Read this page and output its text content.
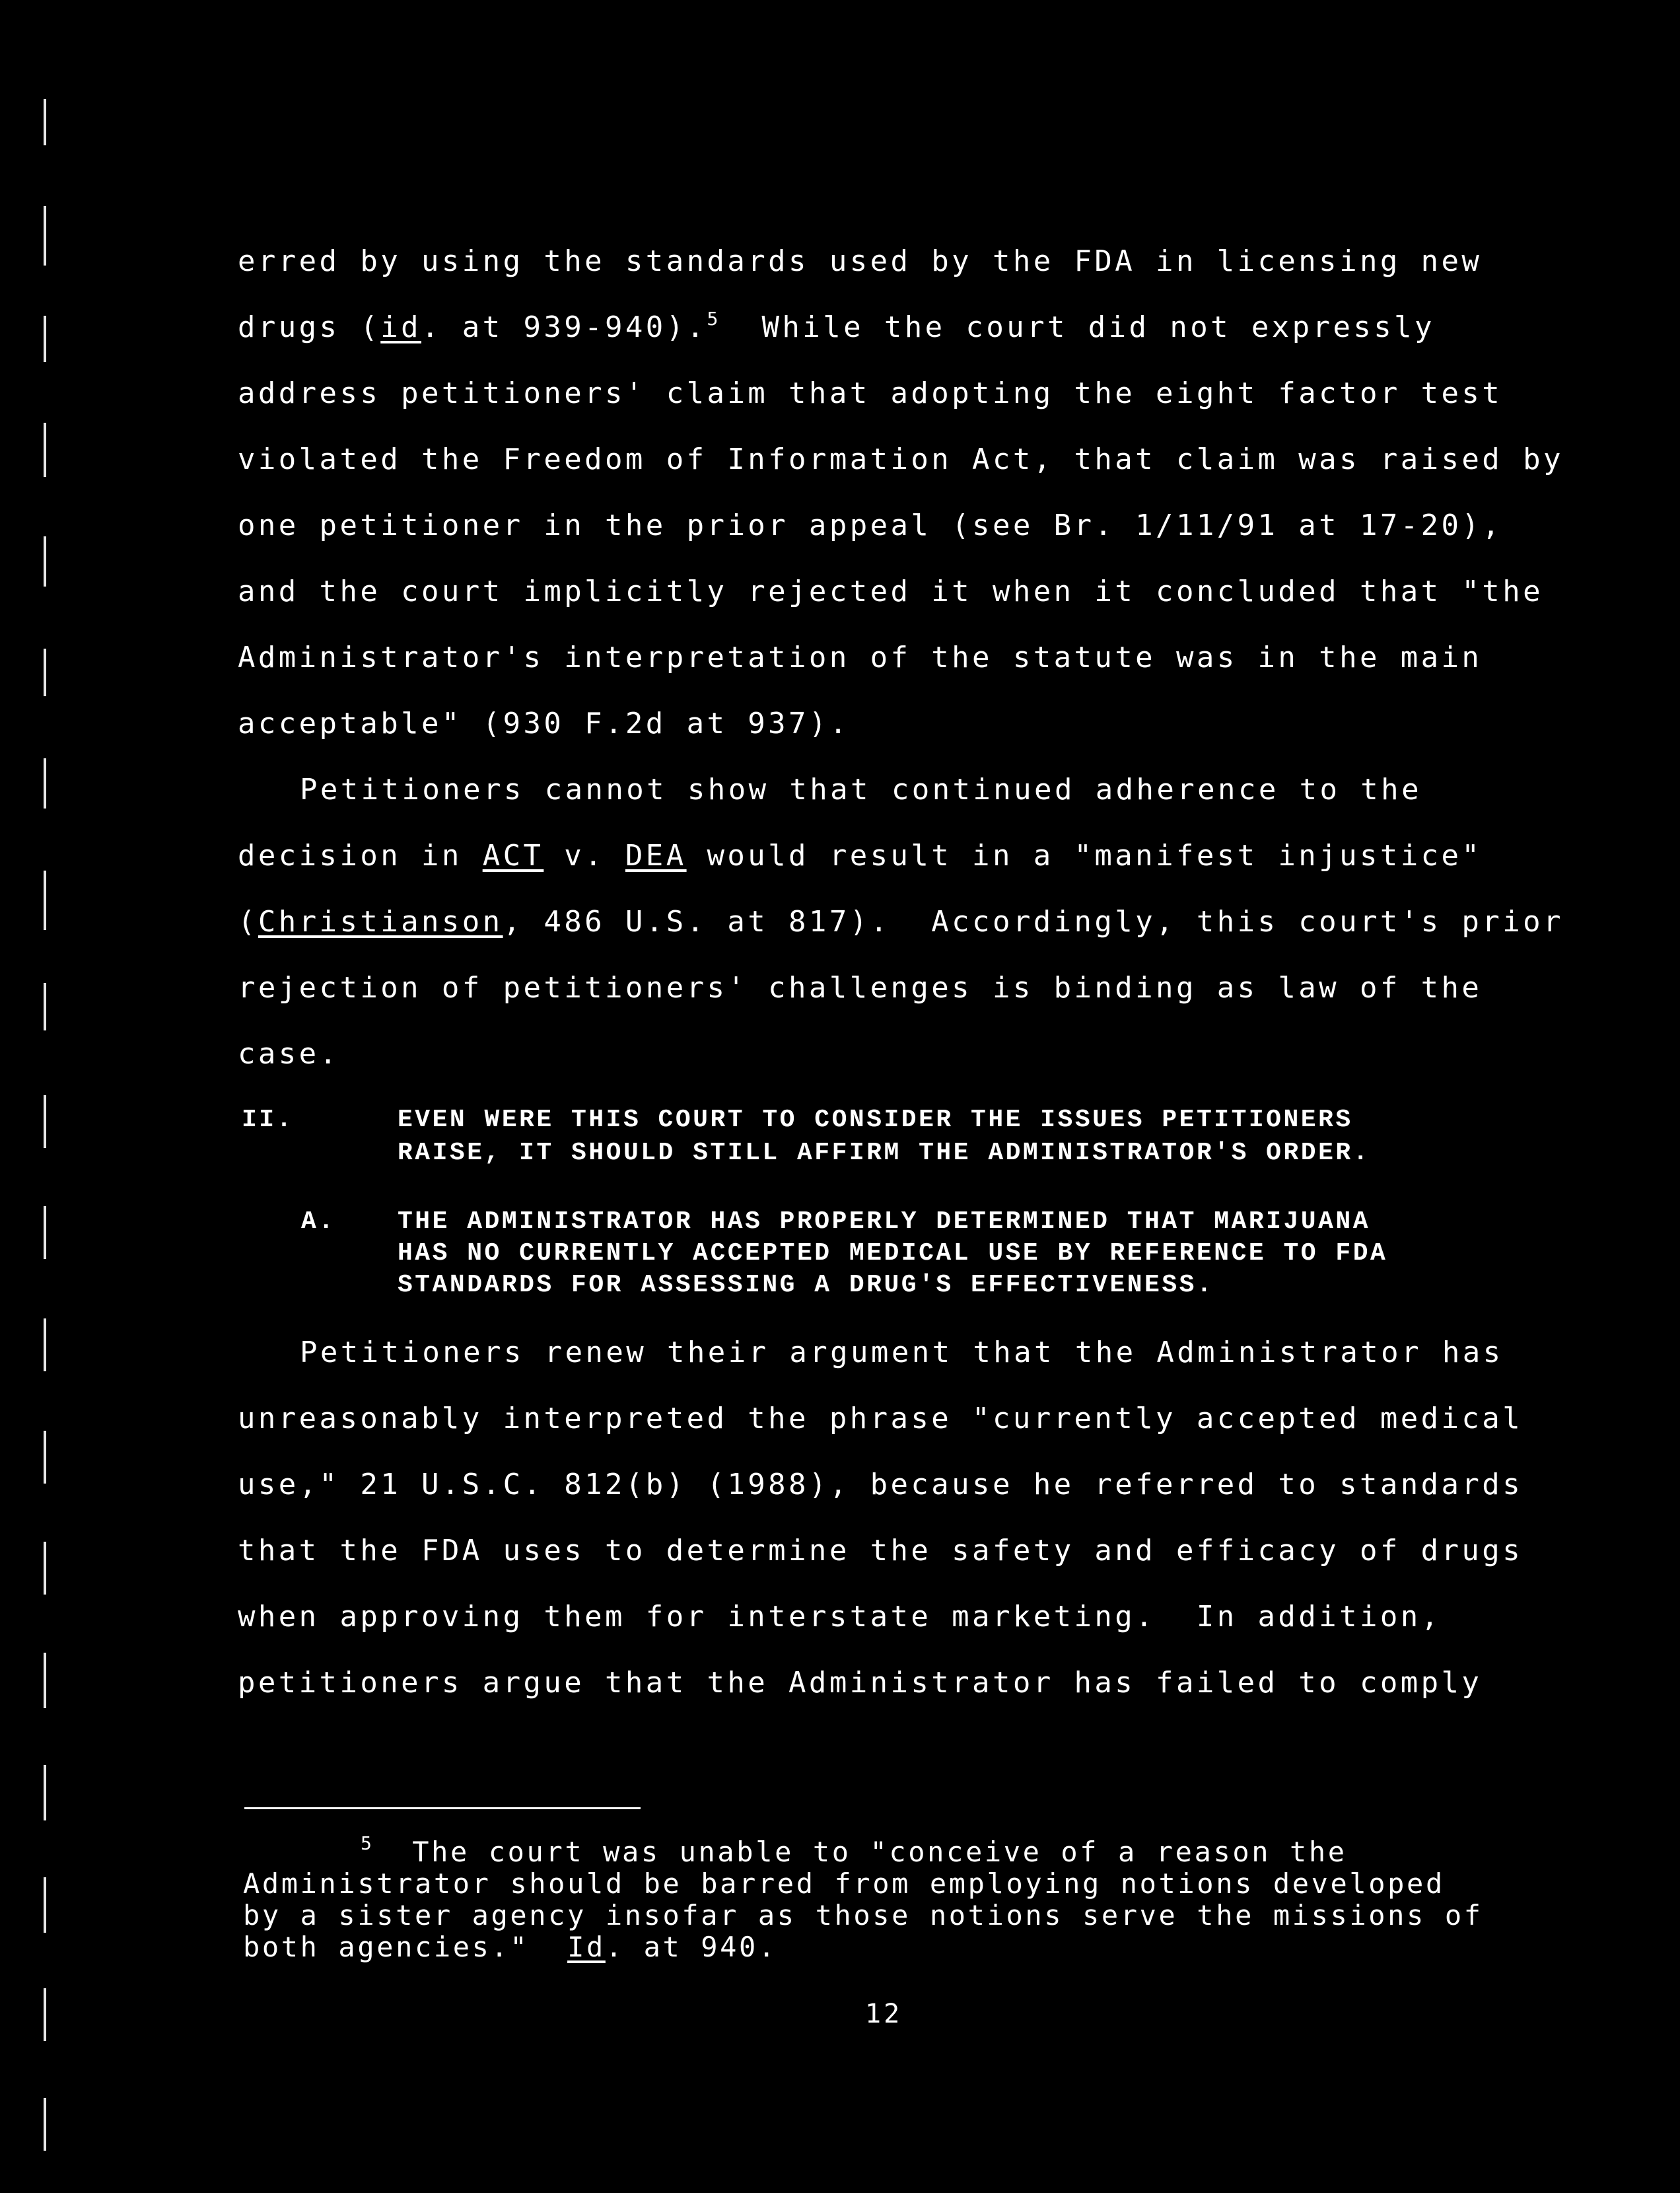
erred by using the standards used by the FDA in licensing new
drugs (id. at 939-940).$^5$  While the court did not expressly
address petitioners' claim that adopting the eight factor test
violated the Freedom of Information Act, that claim was raised by
one petitioner in the prior appeal (see Br. 1/11/91 at 17-20),
and the court implicitly rejected it when it concluded that "the
Administrator's interpretation of the statute was in the main
acceptable" (930 F.2d at 937).
Petitioners cannot show that continued adherence to the
decision in ACT v. DEA would result in a "manifest injustice"
(Christianson, 486 U.S. at 817).  Accordingly, this court's prior
rejection of petitioners' challenges is binding as law of the
case.
II.	EVEN WERE THIS COURT TO CONSIDER THE ISSUES PETITIONERS
RAISE, IT SHOULD STILL AFFIRM THE ADMINISTRATOR'S ORDER.
A. THE ADMINISTRATOR HAS PROPERLY DETERMINED THAT MARIJUANA
HAS NO CURRENTLY ACCEPTED MEDICAL USE BY REFERENCE TO FDA
STANDARDS FOR ASSESSING A DRUG'S EFFECTIVENESS.
Petitioners renew their argument that the Administrator has
unreasonably interpreted the phrase "currently accepted medical
use," 21 U.S.C. 812(b) (1988), because he referred to standards
that the FDA uses to determine the safety and efficacy of drugs
when approving them for interstate marketing.  In addition,
petitioners argue that the Administrator has failed to comply
$^5$  The court was unable to "conceive of a reason the
Administrator should be barred from employing notions developed
by a sister agency insofar as those notions serve the missions of
both agencies."  Id. at 940.
12
